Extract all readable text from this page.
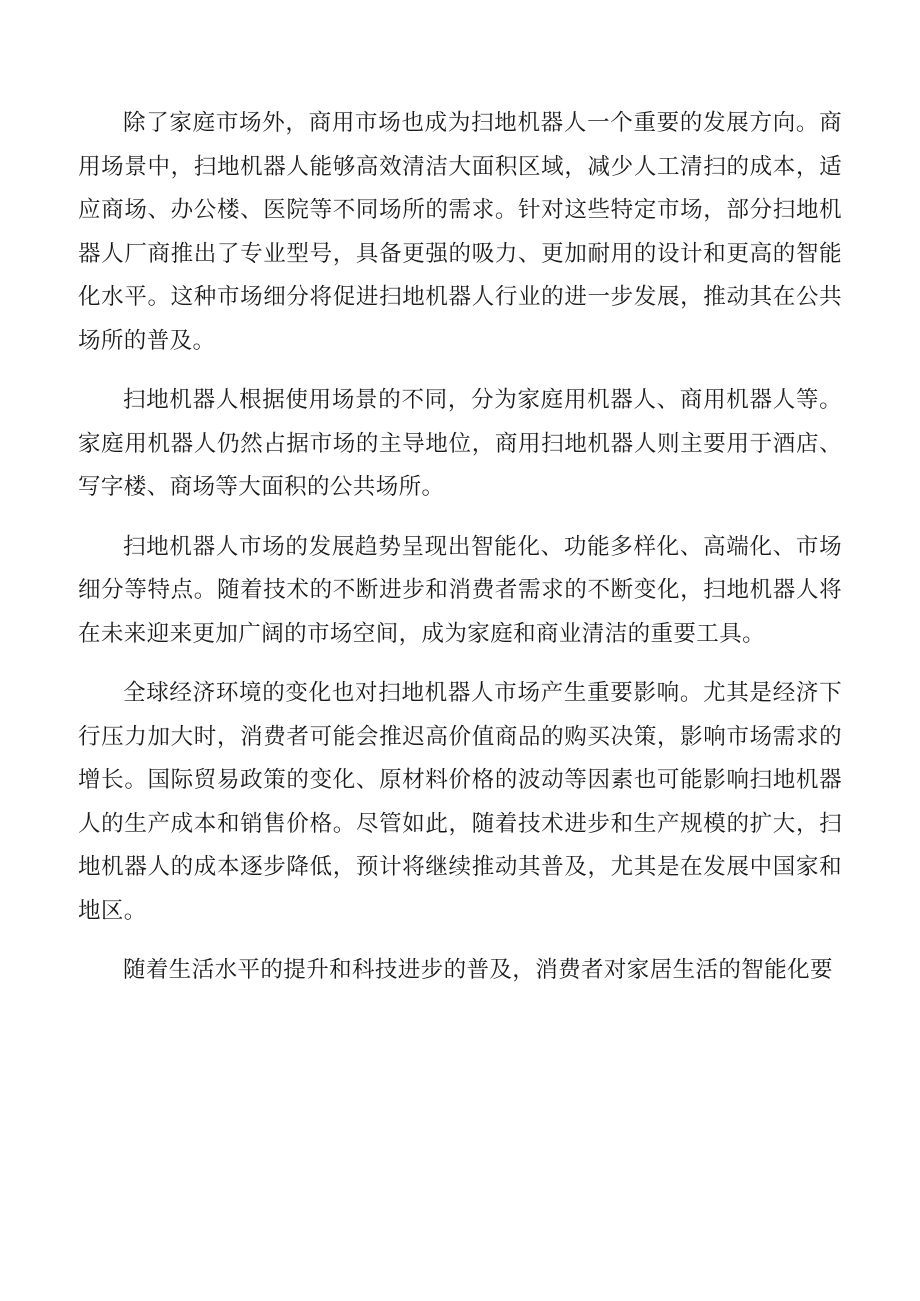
除了家庭市场外，商用市场也成为扫地机器人一个重要的发展方向。商用场景中，扫地机器人能够高效清洁大面积区域，减少人工清扫的成本，适应商场、办公楼、医院等不同场所的需求。针对这些特定市场，部分扫地机器人厂商推出了专业型号，具备更强的吸力、更加耐用的设计和更高的智能化水平。这种市场细分将促进扫地机器人行业的进一步发展，推动其在公共场所的普及。

扫地机器人根据使用场景的不同，分为家庭用机器人、商用机器人等。家庭用机器人仍然占据市场的主导地位，商用扫地机器人则主要用于酒店、写字楼、商场等大面积的公共场所。

扫地机器人市场的发展趋势呈现出智能化、功能多样化、高端化、市场细分等特点。随着技术的不断进步和消费者需求的不断变化，扫地机器人将在未来迎来更加广阔的市场空间，成为家庭和商业清洁的重要工具。

全球经济环境的变化也对扫地机器人市场产生重要影响。尤其是经济下行压力加大时，消费者可能会推迟高价值商品的购买决策，影响市场需求的增长。国际贸易政策的变化、原材料价格的波动等因素也可能影响扫地机器人的生产成本和销售价格。尽管如此，随着技术进步和生产规模的扩大，扫地机器人的成本逐步降低，预计将继续推动其普及，尤其是在发展中国家和地区。

随着生活水平的提升和科技进步的普及，消费者对家居生活的智能化要
